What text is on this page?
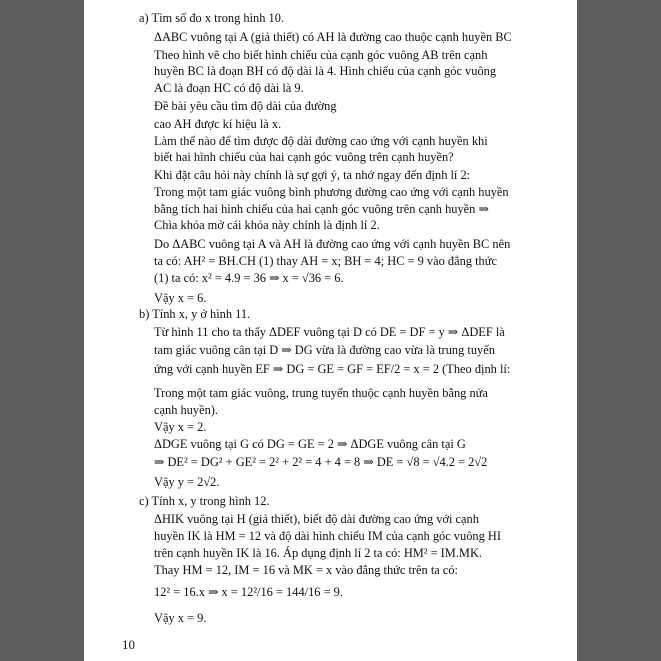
a) Tìm số đo x trong hình 10.
ΔABC vuông tại A (giả thiết) có AH là đường cao thuộc cạnh huyền BC
Theo hình vẽ cho biết hình chiếu của cạnh góc vuông AB trên cạnh
huyền BC là đoạn BH có độ dài là 4. Hình chiếu của cạnh góc vuông
AC là đoạn HC có độ dài là 9.
Đề bài yêu cầu tìm độ dài của đường
cao AH được kí hiệu là x.
Làm thế nào để tìm được độ dài đường cao ứng với cạnh huyền khi
biết hai hình chiếu của hai cạnh góc vuông trên cạnh huyền?
Khi đặt câu hỏi này chính là sự gợi ý, ta nhớ ngay đến định lí 2:
Trong một tam giác vuông bình phương đường cao ứng với cạnh huyền
bằng tích hai hình chiếu của hai cạnh góc vuông trên cạnh huyền ⇒
Chìa khóa mở cái khóa này chính là định lí 2.
Do ΔABC vuông tại A và AH là đường cao ứng với cạnh huyền BC nên
ta có: AH² = BH.CH (1) thay AH = x; BH = 4; HC = 9 vào đẳng thức
(1) ta có: x² = 4.9 = 36 ⇒ x = √36 = 6.
Vậy x = 6.
b) Tính x, y ở hình 11.
Từ hình 11 cho ta thấy ΔDEF vuông tại D có DE = DF = y ⇒ ΔDEF là
tam giác vuông cân tại D ⇒ DG vừa là đường cao vừa là trung tuyến
ứng với cạnh huyền EF ⇒ DG = GE = GF = EF/2 = x = 2 (Theo định lí:
Trong một tam giác vuông, trung tuyến thuộc cạnh huyền bằng nửa
cạnh huyền).
Vậy x = 2.
ΔDGE vuông tại G có DG = GE = 2 ⇒ ΔDGE vuông cân tại G
⇒ DE² = DG² + GE² = 2² + 2² = 4 + 4 = 8 ⇒ DE = √8 = √4.2 = 2√2
Vậy y = 2√2.
c) Tính x, y trong hình 12.
ΔHIK vuông tại H (giả thiết), biết độ dài đường cao ứng với cạnh
huyền IK là HM = 12 và độ dài hình chiếu IM của cạnh góc vuông HI
trên cạnh huyền IK là 16. Áp dụng định lí 2 ta có: HM² = IM.MK.
Thay HM = 12, IM = 16 và MK = x vào đẳng thức trên ta có:
12² = 16.x ⇒ x = 12²/16 = 144/16 = 9.
Vậy x = 9.
10
